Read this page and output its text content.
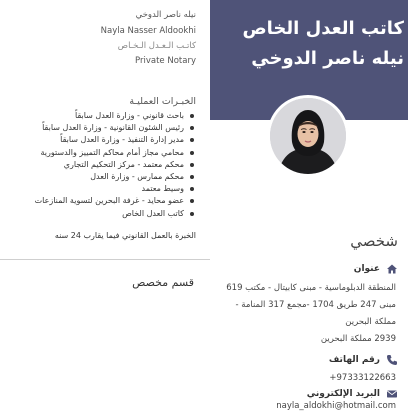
نيله ناصر الدوخي
Nayla Nasser Aldookhi
كاتـب الـعـدل الـخـاص
Private Notary
الخبـرات العمليـة
باحث قانوني - وزارة العدل سابقاً
رئيس الشئون القانونية - وزارة العدل سابقاً
مدير إدارة التنفيذ - وزارة العدل سابقاً
محامي مجاز أمام محاكم التمييز والدستورية
محكم معتمد - مركز التحكيم التجاري
محكم ممارس - وزارة العدل
وسيط معتمد
عضو محايد - غرفة البحرين لتسوية المنازعات
كاتب العدل الخاص
الخبرة بالعمل القانوني فيما يقارب 24 سنه
قسم مخصص
كاتب العدل الخاص نيله ناصر الدوخي
شخصي
عنوان
المنطقة الدبلوماسية - مبنى كابيتال - مكتب 619
مبنى 247 طريق 1704 -مجمع 317 المنامة -
مملكة البحرين
2939 مملكة البحرين
رقم الهاتف
97333122663+
البريد الإلكتروني
nayla_aldokhi@hotmail.com
